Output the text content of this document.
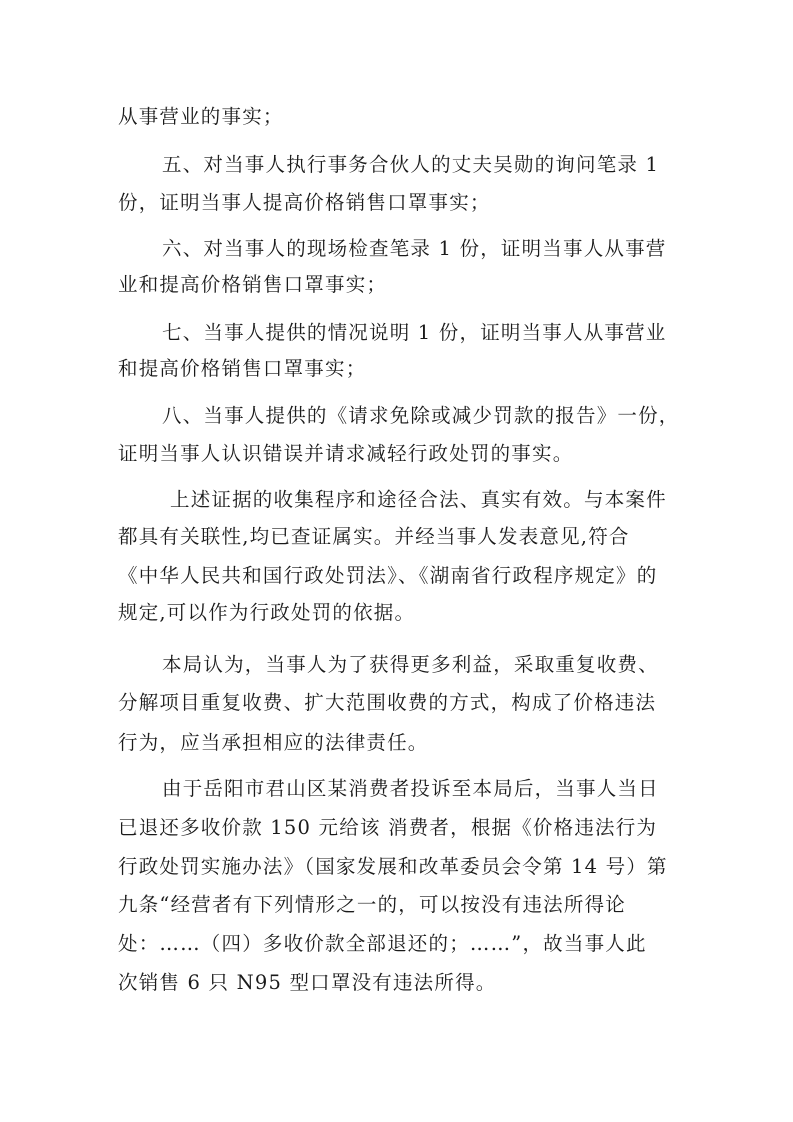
从事营业的事实；
五、对当事人执行事务合伙人的丈夫吴勋的询问笔录 1
份，证明当事人提高价格销售口罩事实；
六、对当事人的现场检查笔录 1 份，证明当事人从事营
业和提高价格销售口罩事实；
七、当事人提供的情况说明 1 份，证明当事人从事营业
和提高价格销售口罩事实；
八、当事人提供的《请求免除或减少罚款的报告》一份，
证明当事人认识错误并请求减轻行政处罚的事实。
上述证据的收集程序和途径合法、真实有效。与本案件
都具有关联性,均已查证属实。并经当事人发表意见,符合
《中华人民共和国行政处罚法》、《湖南省行政程序规定》的
规定,可以作为行政处罚的依据。
本局认为，当事人为了获得更多利益，采取重复收费、
分解项目重复收费、扩大范围收费的方式，构成了价格违法
行为，应当承担相应的法律责任。
由于岳阳市君山区某消费者投诉至本局后，当事人当日
已退还多收价款 150 元给该 消费者，根据《价格违法行为
行政处罚实施办法》（国家发展和改革委员会令第 14 号）第
九条“经营者有下列情形之一的，可以按没有违法所得论
处：……（四）多收价款全部退还的；……”，故当事人此
次销售 6 只 N95 型口罩没有违法所得。
